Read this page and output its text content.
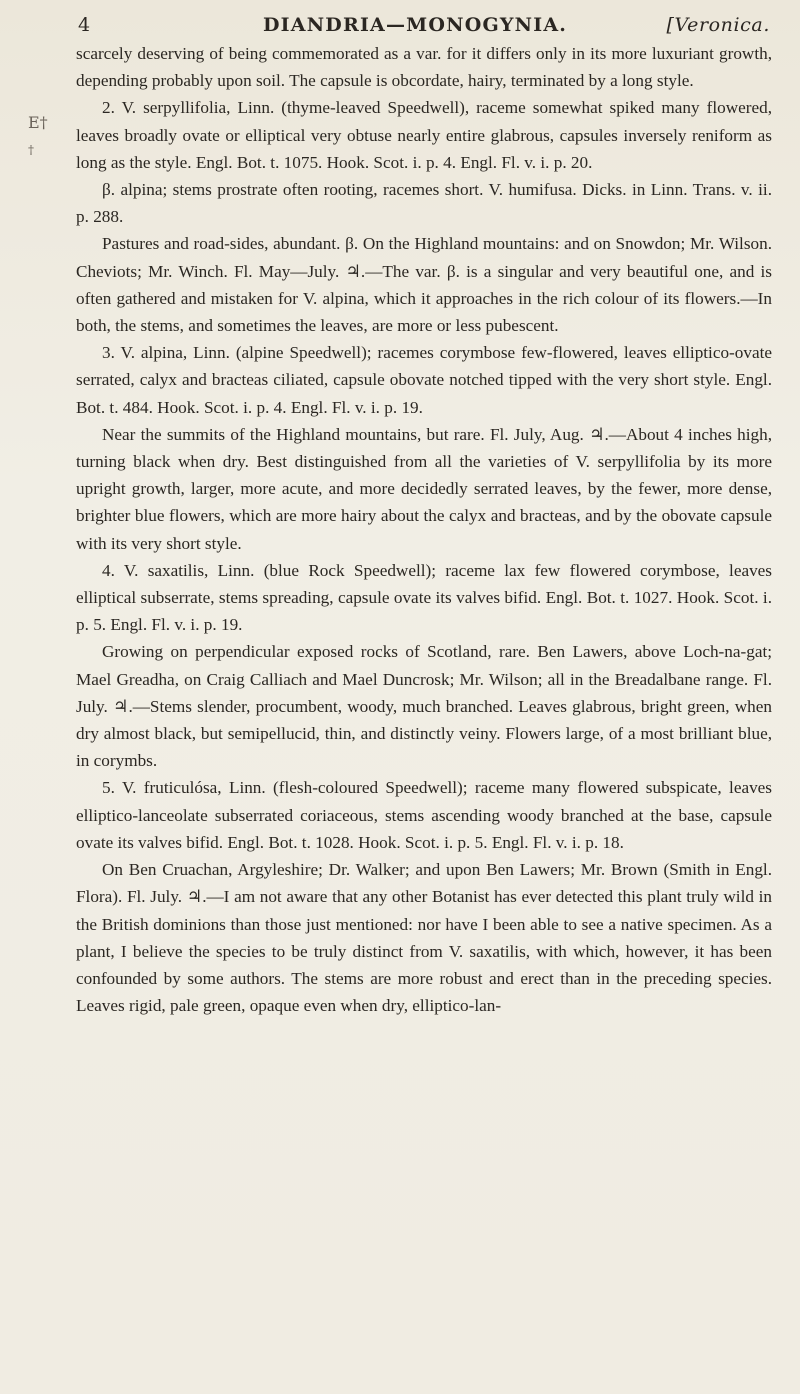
4	DIANDRIA—MONOGYNIA.	[Veronica.
E†
†

scarcely deserving of being commemorated as a var. for it differs only in its more luxuriant growth, depending probably upon soil. The capsule is obcordate, hairy, terminated by a long style.

2. V. serpyllifolia, Linn. (thyme-leaved Speedwell), raceme somewhat spiked many flowered, leaves broadly ovate or elliptical very obtuse nearly entire glabrous, capsules inversely reniform as long as the style. Engl. Bot. t. 1075. Hook. Scot. i. p. 4. Engl. Fl. v. i. p. 20.

β. alpina; stems prostrate often rooting, racemes short. V. humifusa. Dicks. in Linn. Trans. v. ii. p. 288.

Pastures and road-sides, abundant. β. On the Highland mountains: and on Snowdon; Mr. Wilson. Cheviots; Mr. Winch. Fl. May—July. ♃.—The var. β. is a singular and very beautiful one, and is often gathered and mistaken for V. alpina, which it approaches in the rich colour of its flowers.—In both, the stems, and sometimes the leaves, are more or less pubescent.

3. V. alpina, Linn. (alpine Speedwell); racemes corymbose few-flowered, leaves elliptico-ovate serrated, calyx and bracteas ciliated, capsule obovate notched tipped with the very short style. Engl. Bot. t. 484. Hook. Scot. i. p. 4. Engl. Fl. v. i. p. 19.

Near the summits of the Highland mountains, but rare. Fl. July, Aug. ♃.—About 4 inches high, turning black when dry. Best distinguished from all the varieties of V. serpyllifolia by its more upright growth, larger, more acute, and more decidedly serrated leaves, by the fewer, more dense, brighter blue flowers, which are more hairy about the calyx and bracteas, and by the obovate capsule with its very short style.

4. V. saxatilis, Linn. (blue Rock Speedwell); raceme lax few flowered corymbose, leaves elliptical subserrate, stems spreading, capsule ovate its valves bifid. Engl. Bot. t. 1027. Hook. Scot. i. p. 5. Engl. Fl. v. i. p. 19.

Growing on perpendicular exposed rocks of Scotland, rare. Ben Lawers, above Loch-na-gat; Mael Greadha, on Craig Calliach and Mael Duncrosk; Mr. Wilson; all in the Breadalbane range. Fl. July. ♃.—Stems slender, procumbent, woody, much branched. Leaves glabrous, bright green, when dry almost black, but semipellucid, thin, and distinctly veiny. Flowers large, of a most brilliant blue, in corymbs.

5. V. fruticulósa, Linn. (flesh-coloured Speedwell); raceme many flowered subspicate, leaves elliptico-lanceolate subserrated coriaceous, stems ascending woody branched at the base, capsule ovate its valves bifid. Engl. Bot. t. 1028. Hook. Scot. i. p. 5. Engl. Fl. v. i. p. 18.

On Ben Cruachan, Argyleshire; Dr. Walker; and upon Ben Lawers; Mr. Brown (Smith in Engl. Flora). Fl. July. ♃.—I am not aware that any other Botanist has ever detected this plant truly wild in the British dominions than those just mentioned: nor have I been able to see a native specimen. As a plant, I believe the species to be truly distinct from V. saxatilis, with which, however, it has been confounded by some authors. The stems are more robust and erect than in the preceding species. Leaves rigid, pale green, opaque even when dry, elliptico-lan-
